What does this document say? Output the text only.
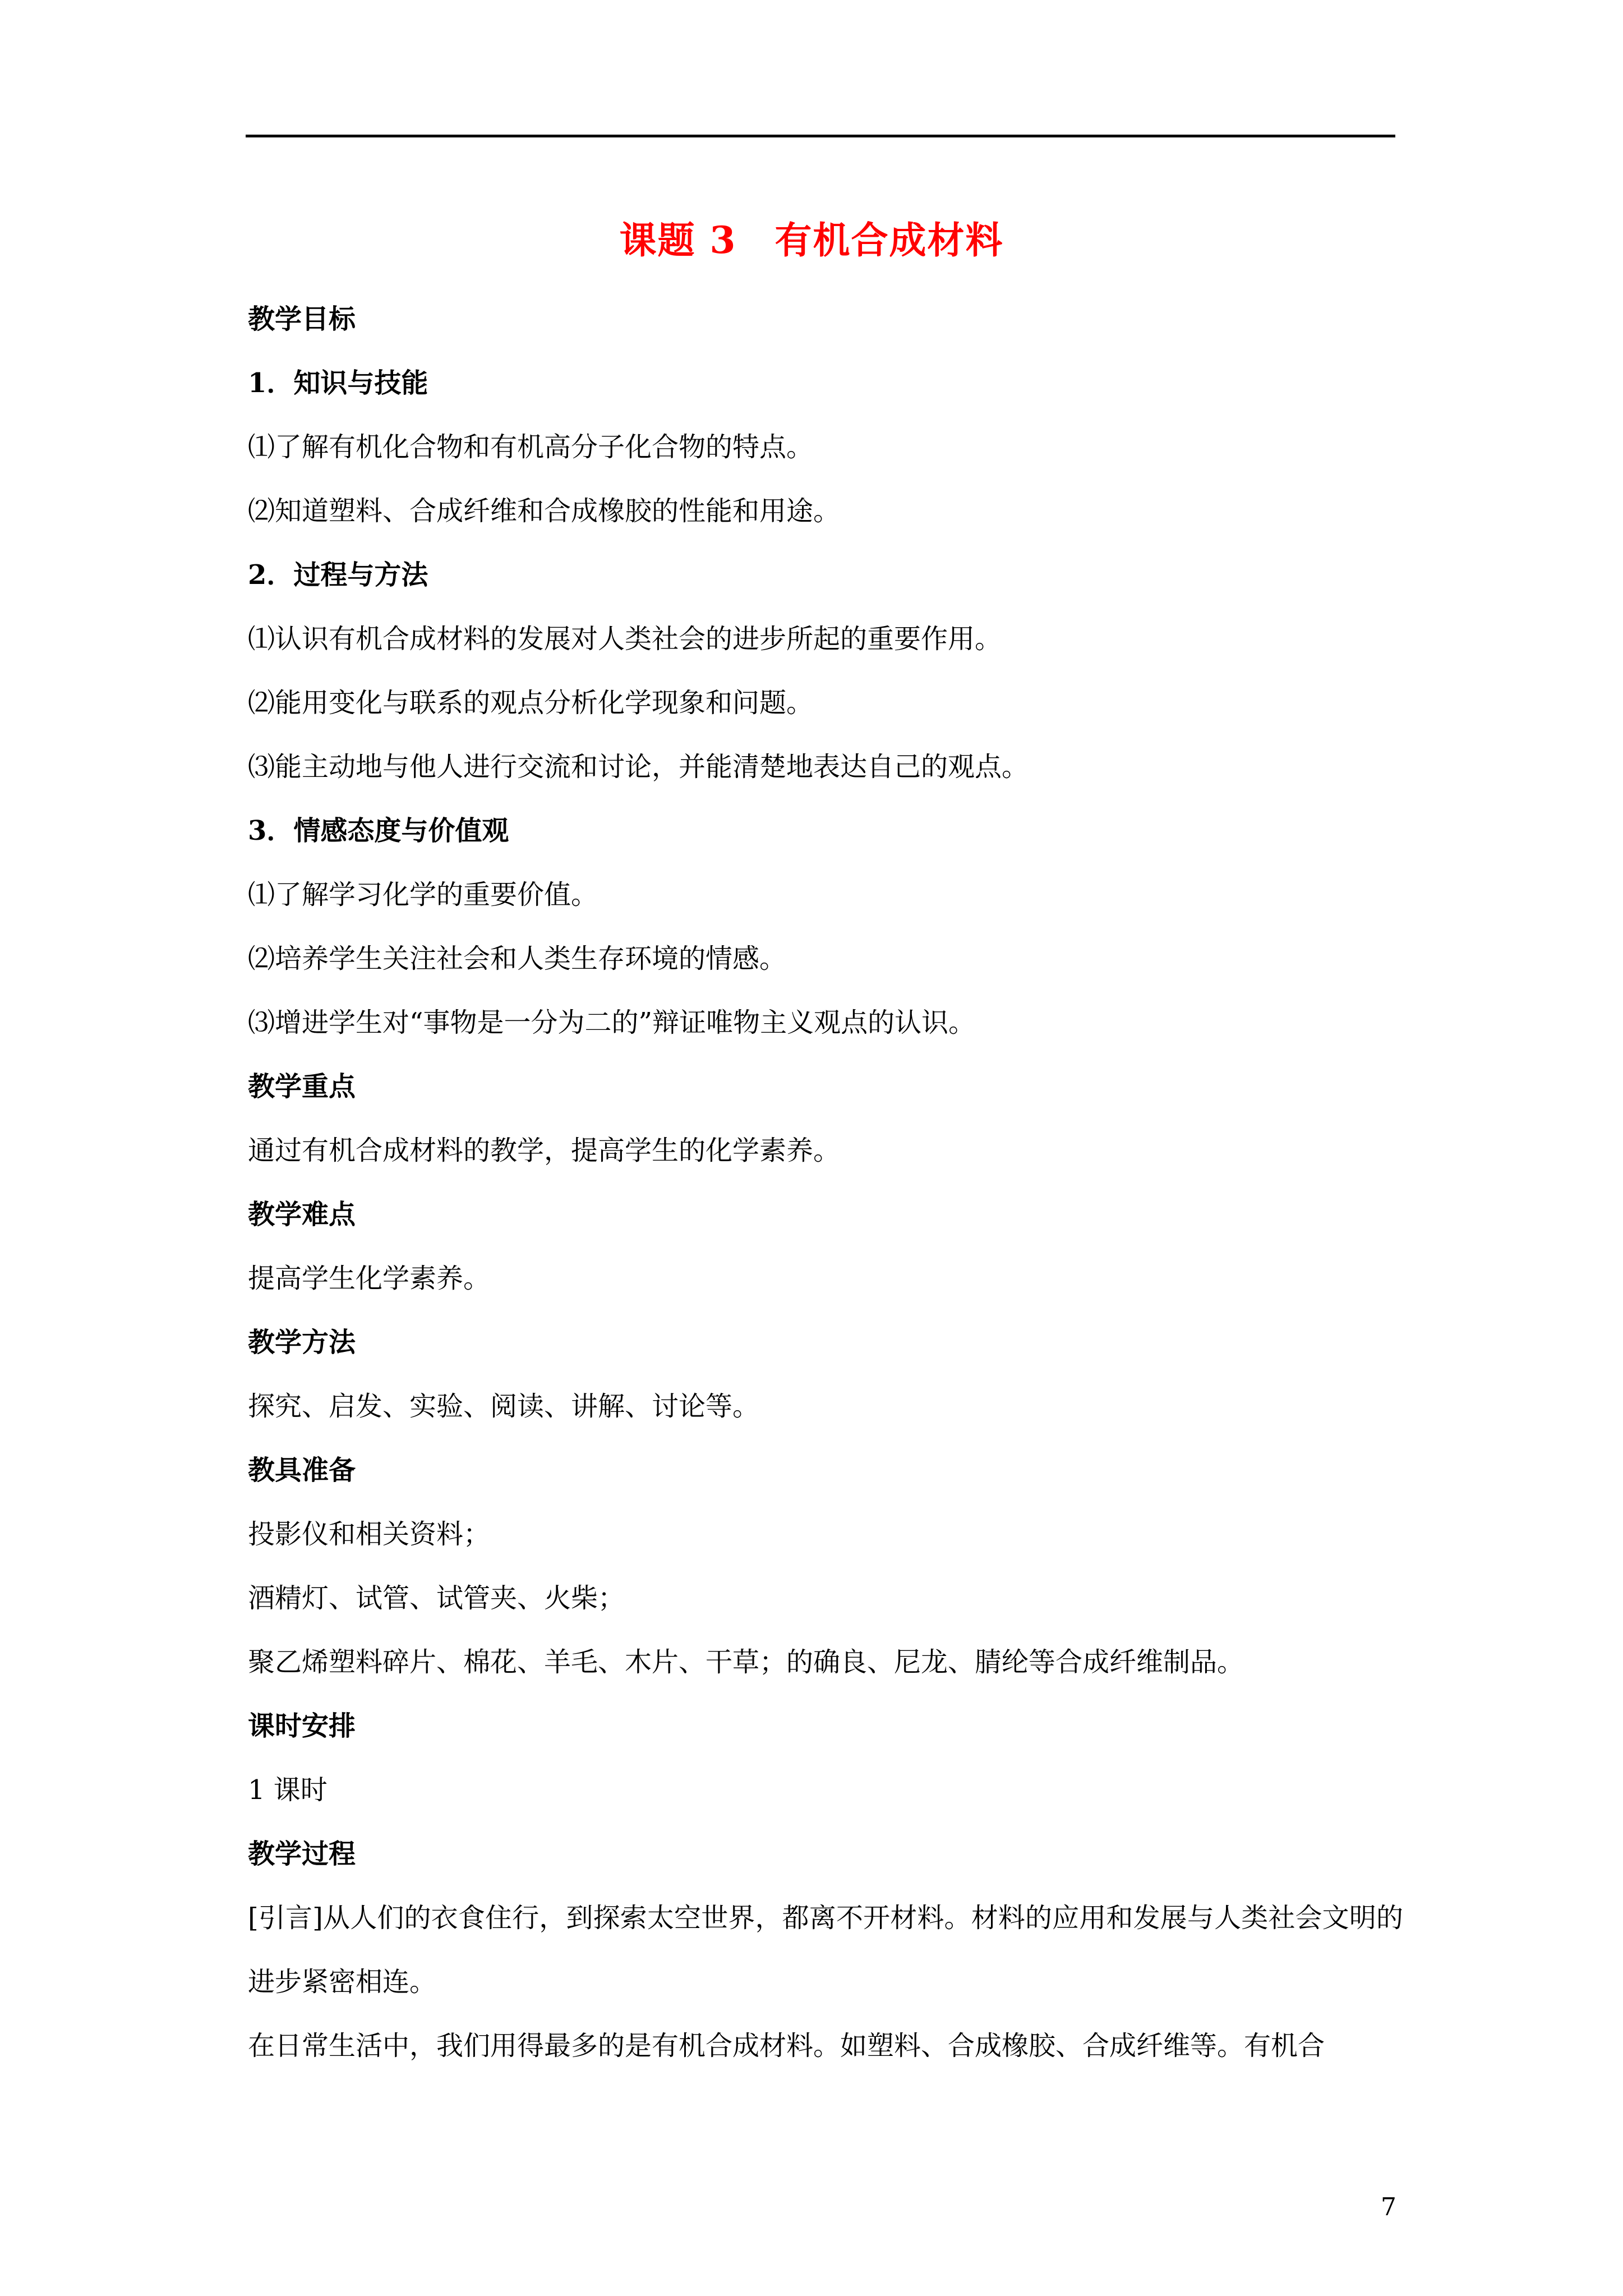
课题 3　有机合成材料

教学目标

1．知识与技能

⑴了解有机化合物和有机高分子化合物的特点。

⑵知道塑料、合成纤维和合成橡胶的性能和用途。

2．过程与方法

⑴认识有机合成材料的发展对人类社会的进步所起的重要作用。

⑵能用变化与联系的观点分析化学现象和问题。

⑶能主动地与他人进行交流和讨论，并能清楚地表达自己的观点。

3．情感态度与价值观

⑴了解学习化学的重要价值。

⑵培养学生关注社会和人类生存环境的情感。

⑶增进学生对“事物是一分为二的”辩证唯物主义观点的认识。

教学重点

通过有机合成材料的教学，提高学生的化学素养。

教学难点

提高学生化学素养。

教学方法

探究、启发、实验、阅读、讲解、讨论等。

教具准备

投影仪和相关资料；

酒精灯、试管、试管夹、火柴；

聚乙烯塑料碎片、棉花、羊毛、木片、干草；的确良、尼龙、腈纶等合成纤维制品。

课时安排

1 课时

教学过程

[引言]从人们的衣食住行，到探索太空世界，都离不开材料。材料的应用和发展与人类社会文明的进步紧密相连。

在日常生活中，我们用得最多的是有机合成材料。如塑料、合成橡胶、合成纤维等。有机合

7
